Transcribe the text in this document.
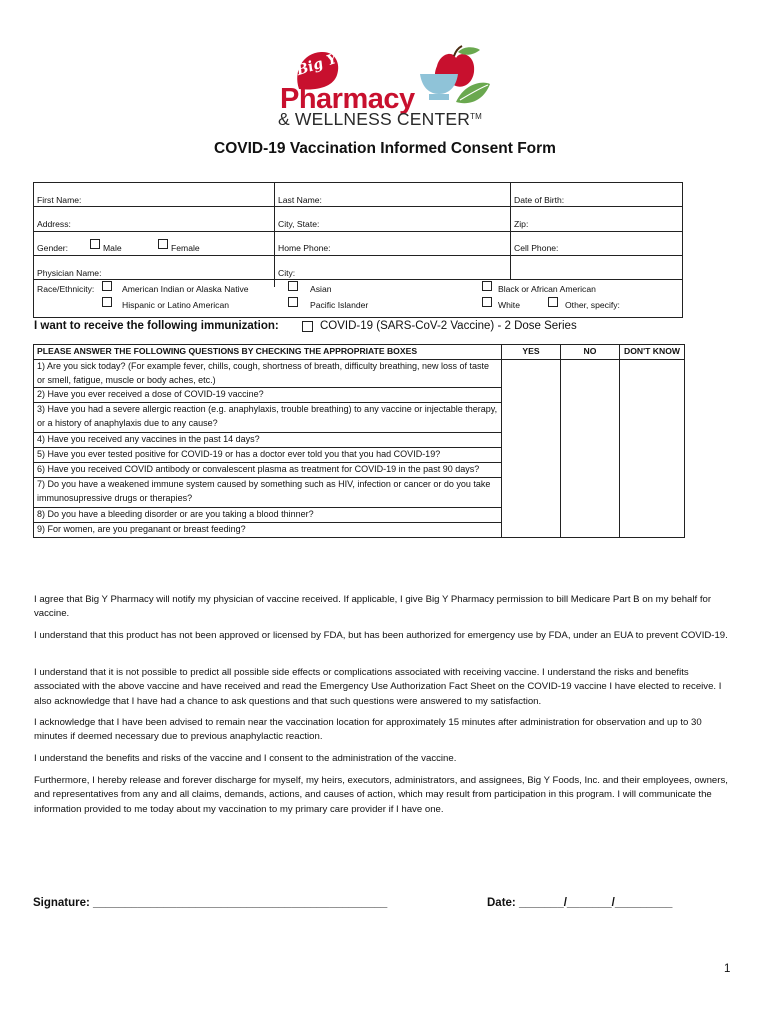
Big Y
Pharmacy
& WELLNESS CENTER™
COVID-19 Vaccination Informed Consent Form
First Name:	Last Name:	Date of Birth:
Address:	City, State:	Zip:
Gender:	Male	Female	Home Phone:	Cell Phone:
Physician Name:	City:
Race/Ethnicity:	American Indian or Alaska Native	Asian	Black or African American
Hispanic or Latino American	Pacific Islander	White	Other, specify:
I want to receive the following immunization:	COVID-19 (SARS-CoV-2 Vaccine) - 2 Dose Series
PLEASE ANSWER THE FOLLOWING QUESTIONS BY CHECKING THE APPROPRIATE BOXES	YES	NO	DON'T KNOW
1) Are you sick today? (For example fever, chills, cough, shortness of breath, difficulty breathing, new loss of taste or smell, fatigue, muscle or body aches, etc.)			
2) Have you ever received a dose of COVID-19 vaccine?			
3) Have you had a severe allergic reaction (e.g. anaphylaxis, trouble breathing) to any vaccine or injectable therapy, or a history of anaphylaxis due to any cause?			
4) Have you received any vaccines in the past 14 days?			
5) Have you ever tested positive for COVID-19 or has a doctor ever told you that you had COVID-19?			
6) Have you received COVID antibody or convalescent plasma as treatment for COVID-19 in the past 90 days?			
7) Do you have a weakened immune system caused by something such as HIV, infection or cancer or do you take immunosupressive drugs or therapies?			
8) Do you have a bleeding disorder or are you taking a blood thinner?			
9) For women, are you preganant or breast feeding?			
I agree that Big Y Pharmacy will notify my physician of vaccine received. If applicable, I give Big Y Pharmacy permission to bill Medicare Part B on my behalf for vaccine.
I understand that this product has not been approved or licensed by FDA, but has been authorized for emergency use by FDA, under an EUA to prevent COVID-19.
I understand that it is not possible to predict all possible side effects or complications associated with receiving vaccine. I understand the risks and benefits associated with the above vaccine and have received and read the Emergency Use Authorization Fact Sheet on the COVID-19 vaccine I have elected to receive. I also acknowledge that I have had a chance to ask questions and that such questions were answered to my satisfaction.
I acknowledge that I have been advised to remain near the vaccination location for approximately 15 minutes after administration for observation and up to 30 minutes if deemed necessary due to previous anaphylactic reaction.
I understand the benefits and risks of the vaccine and I consent to the administration of the vaccine.
Furthermore, I hereby release and forever discharge for myself, my heirs, executors, administrators, and assignees, Big Y Foods, Inc. and their employees, owners, and representatives from any and all claims, demands, actions, and causes of action, which may result from participation in this program. I will communicate the information provided to me today about my vaccination to my primary care provider if I have one.
Signature: ______________________________________________	Date: _______/_______/_________
1
